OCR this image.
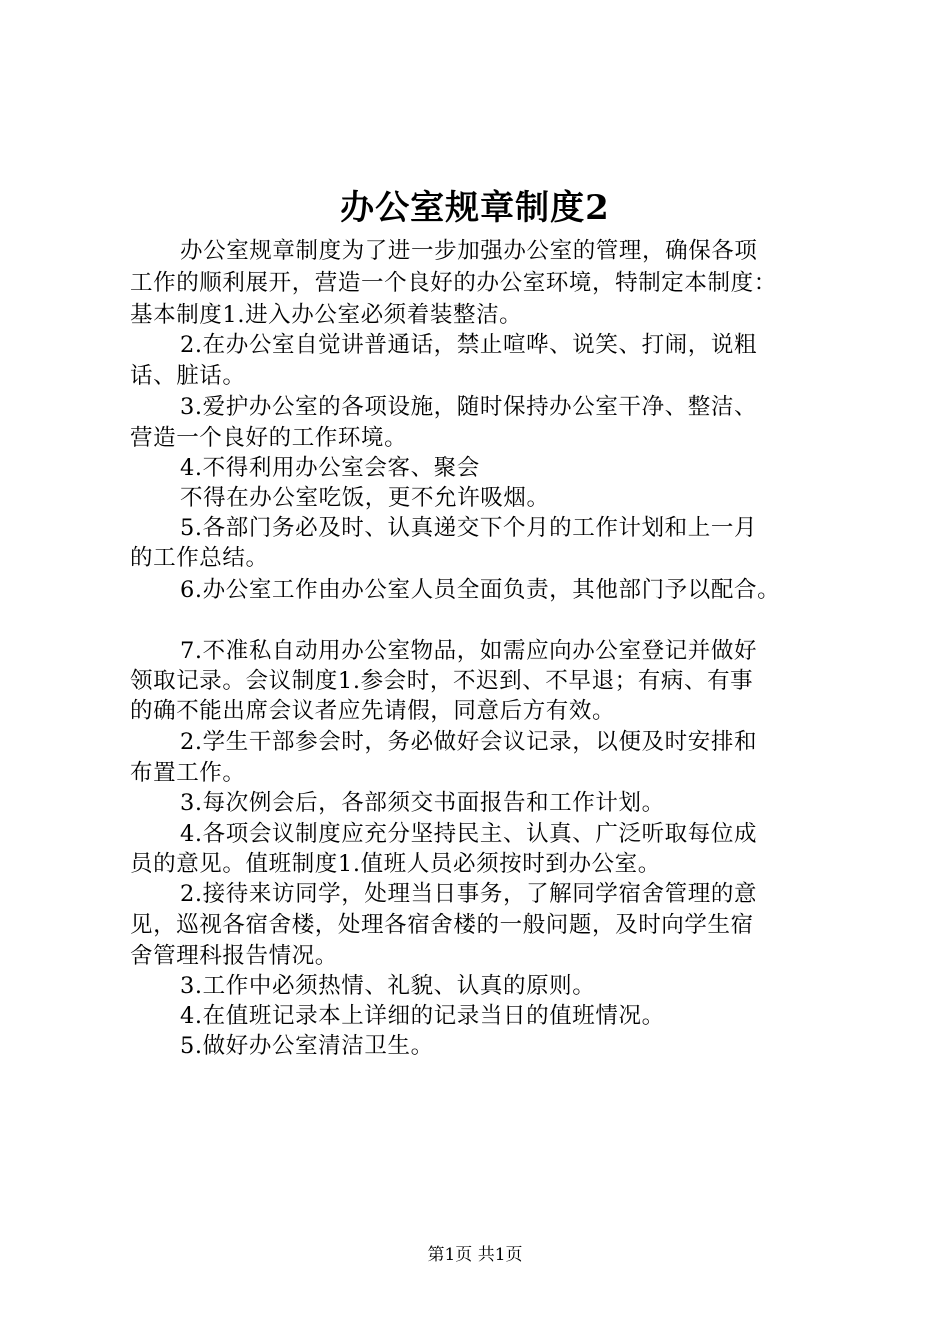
办公室规章制度2
办公室规章制度为了进一步加强办公室的管理，确保各项
工作的顺利展开，营造一个良好的办公室环境，特制定本制度：
基本制度1.进入办公室必须着装整洁。
2.在办公室自觉讲普通话，禁止喧哗、说笑、打闹，说粗
话、脏话。
3.爱护办公室的各项设施，随时保持办公室干净、整洁、
营造一个良好的工作环境。
4.不得利用办公室会客、聚会
不得在办公室吃饭，更不允许吸烟。
5.各部门务必及时、认真递交下个月的工作计划和上一月
的工作总结。
6.办公室工作由办公室人员全面负责，其他部门予以配合。
7.不准私自动用办公室物品，如需应向办公室登记并做好
领取记录。会议制度1.参会时，不迟到、不早退；有病、有事
的确不能出席会议者应先请假，同意后方有效。
2.学生干部参会时，务必做好会议记录，以便及时安排和
布置工作。
3.每次例会后，各部须交书面报告和工作计划。
4.各项会议制度应充分坚持民主、认真、广泛听取每位成
员的意见。值班制度1.值班人员必须按时到办公室。
2.接待来访同学，处理当日事务，了解同学宿舍管理的意
见，巡视各宿舍楼，处理各宿舍楼的一般问题，及时向学生宿
舍管理科报告情况。
3.工作中必须热情、礼貌、认真的原则。
4.在值班记录本上详细的记录当日的值班情况。
5.做好办公室清洁卫生。
第1页 共1页
